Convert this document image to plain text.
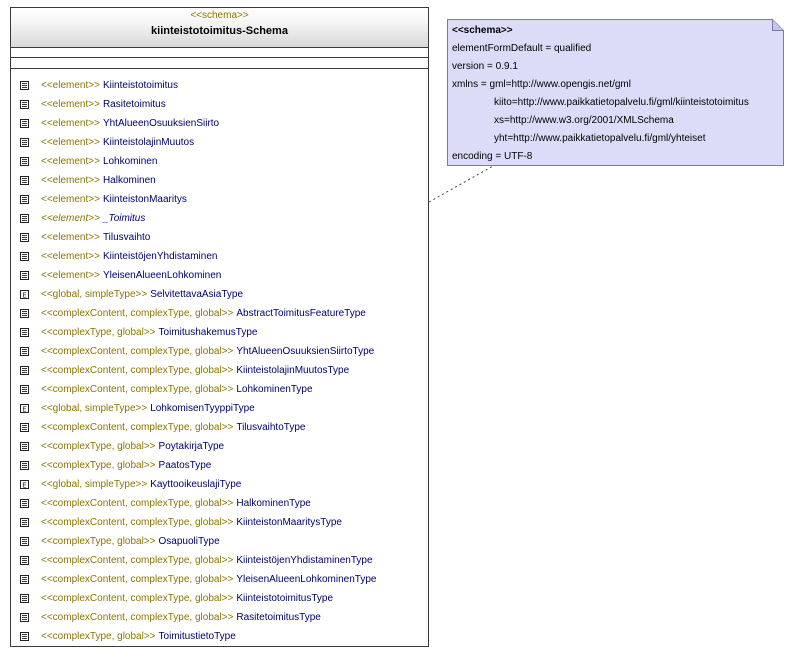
<<schema>>
kiinteistotoimitus-Schema
<<element>> Kiinteistotoimitus
<<element>> Rasitetoimitus
<<element>> YhtAlueenOsuuksienSiirto
<<element>> KiinteistolajinMuutos
<<element>> Lohkominen
<<element>> Halkominen
<<element>> KiinteistonMaaritys
<<element>> _Toimitus
<<element>> Tilusvaihto
<<element>> KiinteistöjenYhdistaminen
<<element>> YleisenAlueenLohkominen
E <<global, simpleType>> SelvitettavaAsiaType
<<complexContent, complexType, global>> AbstractToimitusFeatureType
<<complexType, global>> ToimitushakemusType
<<complexContent, complexType, global>> YhtAlueenOsuuksienSiirtoType
<<complexContent, complexType, global>> KiinteistolajinMuutosType
<<complexContent, complexType, global>> LohkominenType
E <<global, simpleType>> LohkomisenTyyppiType
<<complexContent, complexType, global>> TilusvaihtoType
<<complexType, global>> PoytakirjaType
<<complexType, global>> PaatosType
E <<global, simpleType>> KayttooikeuslajiType
<<complexContent, complexType, global>> HalkominenType
<<complexContent, complexType, global>> KiinteistonMaaritysType
<<complexType, global>> OsapuoliType
<<complexContent, complexType, global>> KiinteistöjenYhdistaminenType
<<complexContent, complexType, global>> YleisenAlueenLohkominenType
<<complexContent, complexType, global>> KiinteistotoimitusType
<<complexContent, complexType, global>> RasitetoimitusType
<<complexType, global>> ToimitustietoType
<<schema>>
elementFormDefault = qualified
version = 0.9.1
xmlns = gml=http://www.opengis.net/gml
kiito=http://www.paikkatietopalvelu.fi/gml/kiinteistotoimitus
xs=http://www.w3.org/2001/XMLSchema
yht=http://www.paikkatietopalvelu.fi/gml/yhteiset
encoding = UTF-8
